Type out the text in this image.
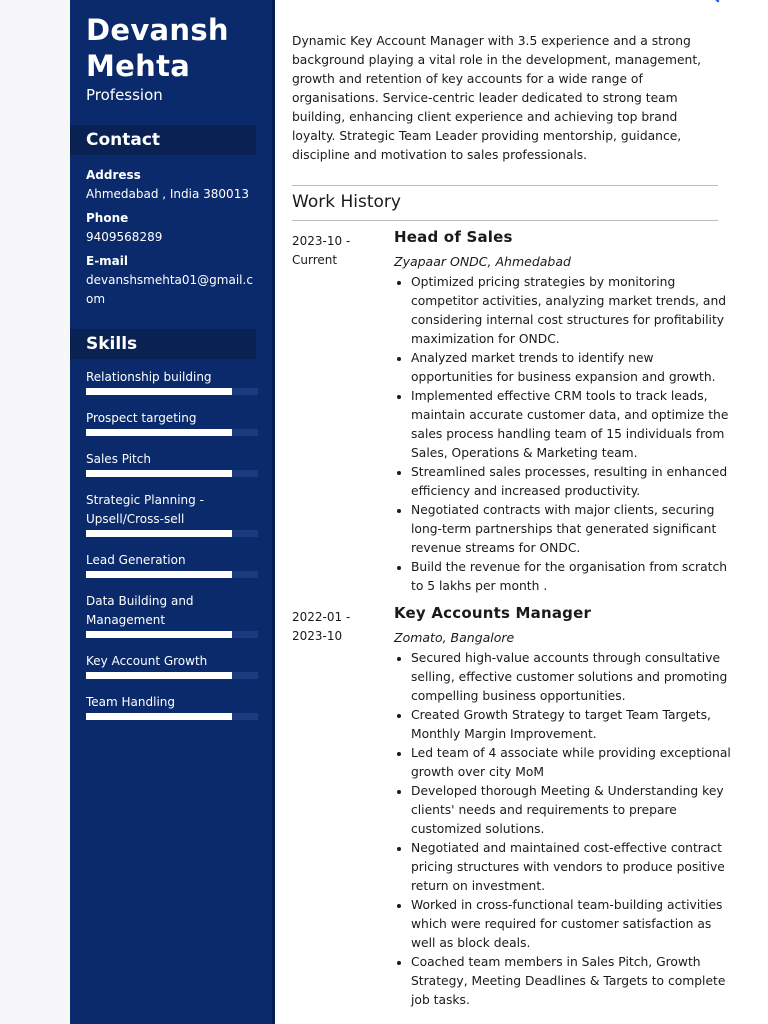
Devansh
Mehta
Profession
Contact
Address
Ahmedabad , India 380013
Phone
9409568289
E-mail
devanshsmehta01@gmail.com
Skills
Relationship building
Prospect targeting
Sales Pitch
Strategic Planning - Upsell/Cross-sell
Lead Generation
Data Building and Management
Key Account Growth
Team Handling

Dynamic Key Account Manager with 3.5 experience and a strong background playing a vital role in the development, management, growth and retention of key accounts for a wide range of organisations. Service-centric leader dedicated to strong team building, enhancing client experience and achieving top brand loyalty. Strategic Team Leader providing mentorship, guidance, discipline and motivation to sales professionals.

Work History
2023-10 -
Current
Head of Sales
Zyapaar ONDC, Ahmedabad
• Optimized pricing strategies by monitoring competitor activities, analyzing market trends, and considering internal cost structures for profitability maximization for ONDC.
• Analyzed market trends to identify new opportunities for business expansion and growth.
• Implemented effective CRM tools to track leads, maintain accurate customer data, and optimize the sales process handling team of 15 individuals from Sales, Operations & Marketing team.
• Streamlined sales processes, resulting in enhanced efficiency and increased productivity.
• Negotiated contracts with major clients, securing long-term partnerships that generated significant revenue streams for ONDC.
• Build the revenue for the organisation from scratch to 5 lakhs per month .
2022-01 -
2023-10
Key Accounts Manager
Zomato, Bangalore
• Secured high-value accounts through consultative selling, effective customer solutions and promoting compelling business opportunities.
• Created Growth Strategy to target Team Targets, Monthly Margin Improvement.
• Led team of 4 associate while providing exceptional growth over city MoM
• Developed thorough Meeting & Understanding key clients' needs and requirements to prepare customized solutions.
• Negotiated and maintained cost-effective contract pricing structures with vendors to produce positive return on investment.
• Worked in cross-functional team-building activities which were required for customer satisfaction as well as block deals.
• Coached team members in Sales Pitch, Growth Strategy, Meeting Deadlines & Targets to complete job tasks.
